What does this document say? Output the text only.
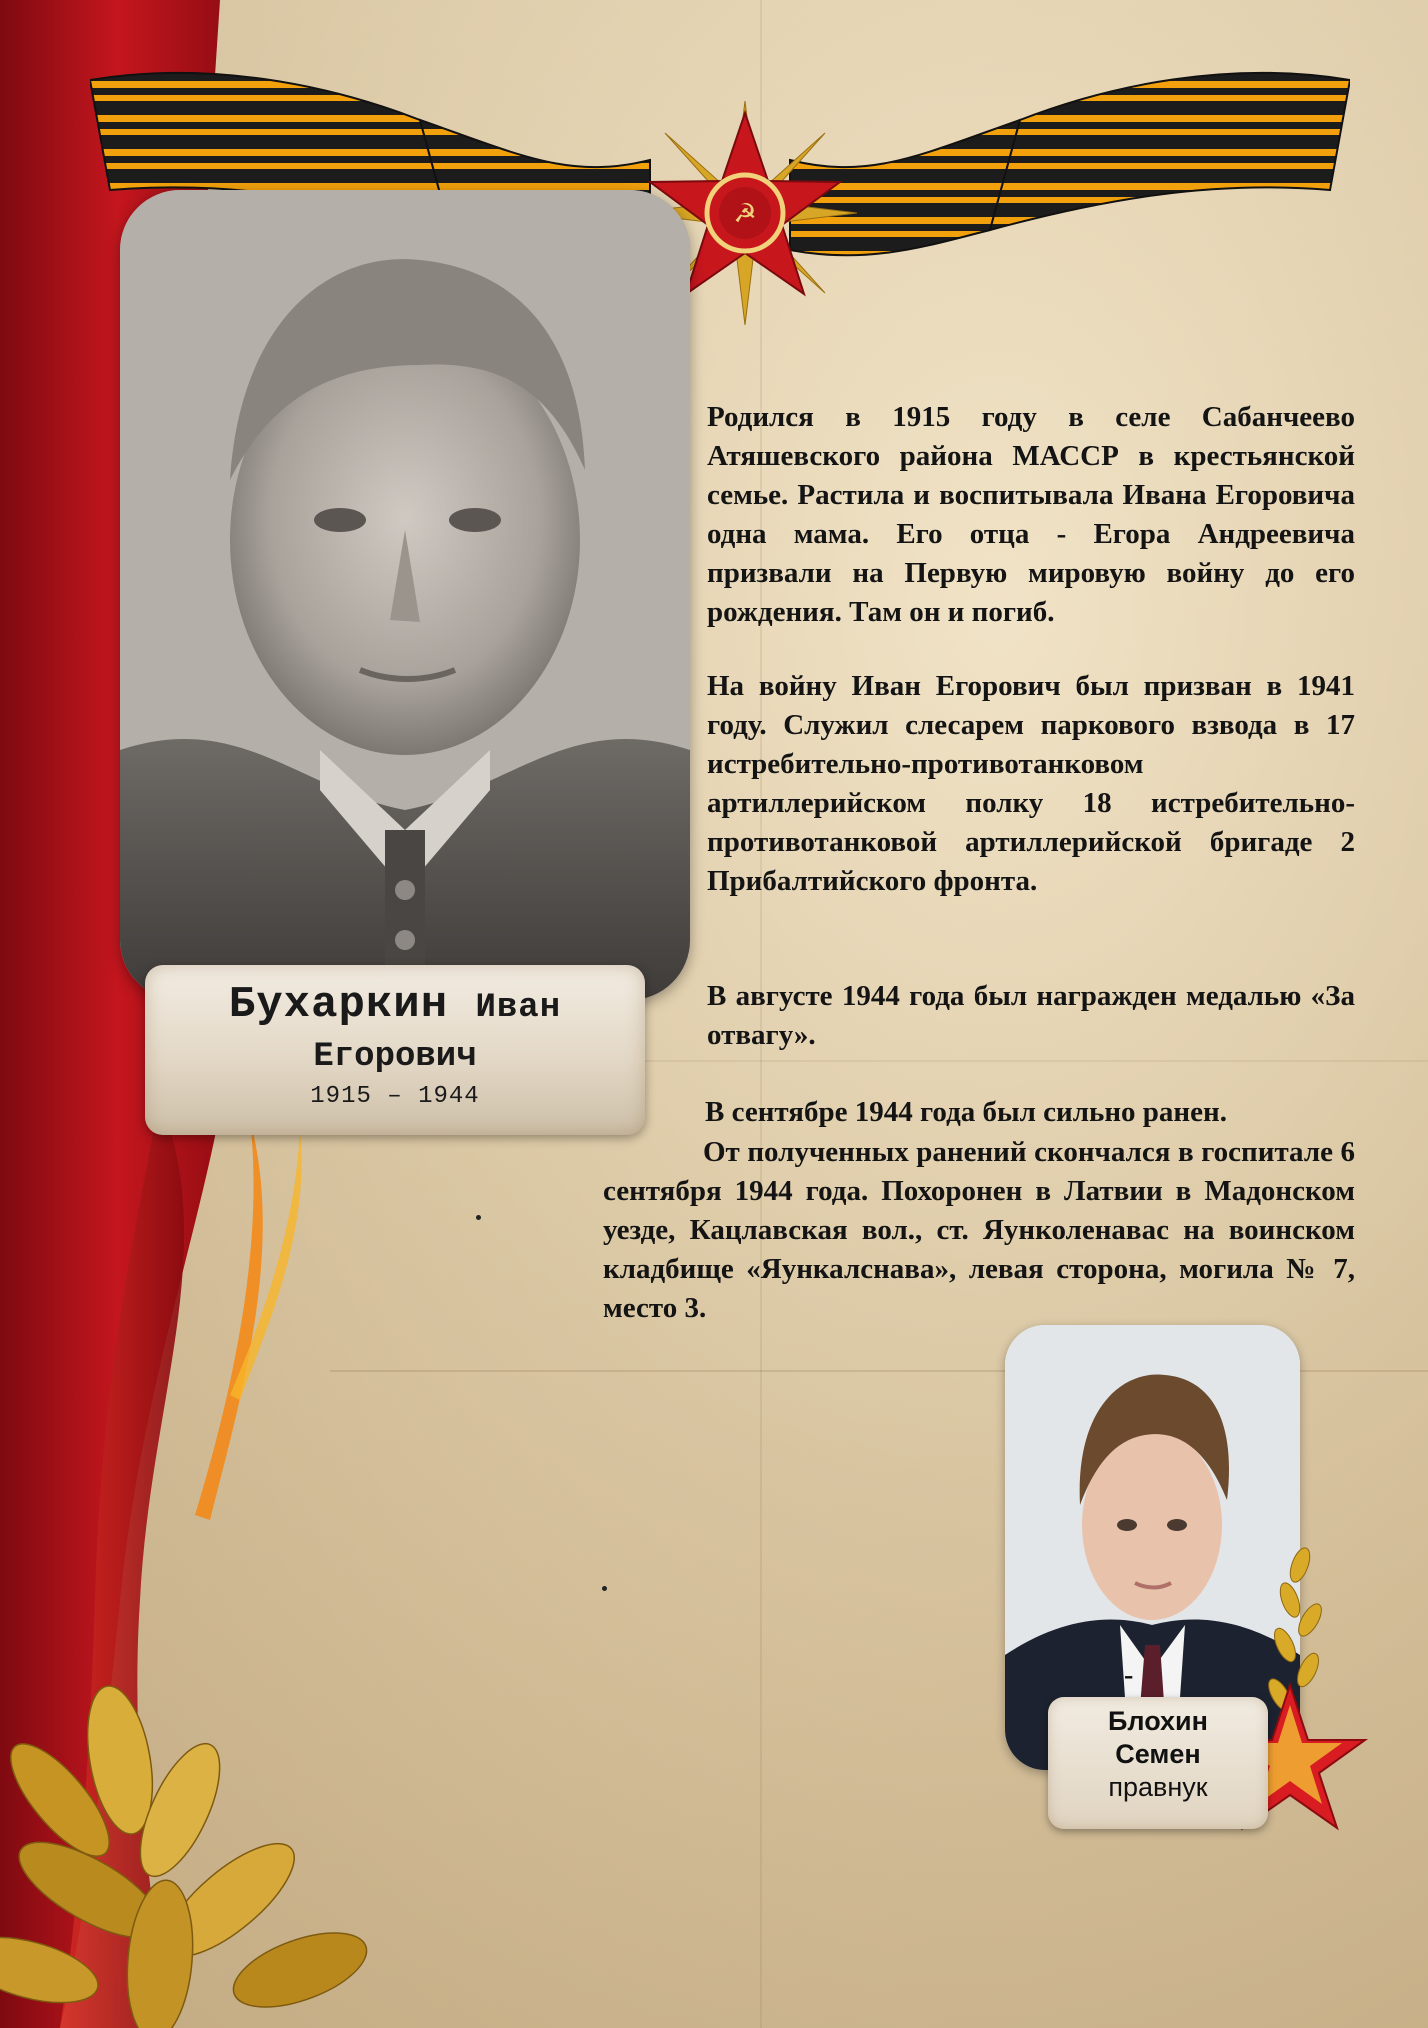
☭
Бухаркин Иван
Егорович
1915 – 1944

Родился в 1915 году в селе Сабанчеево Атяшевского района МАССР в крестьянской семье. Растила и воспитывала Ивана Егоровича одна мама. Его отца - Егора Андреевича призвали на Первую мировую войну до его рождения. Там он и погиб.

На войну Иван Егорович был призван в 1941 году. Служил слесарем паркового взвода в 17 истребительно-противотанковом артиллерийском полку 18 истребительно-противотанковой артиллерийской бригаде 2 Прибалтийского фронта.

В августе 1944 года был награжден медалью «За отвагу».

В сентябре 1944 года был сильно ранен.

От полученных ранений скончался в госпитале 6 сентября 1944 года. Похоронен в Латвии в Мадонском уезде, Кацлавская вол., ст. Яунколенавас на воинском кладбище «Яункалснава», левая сторона, могила № 7, место 3.

-
Блохин
Семен
правнук
